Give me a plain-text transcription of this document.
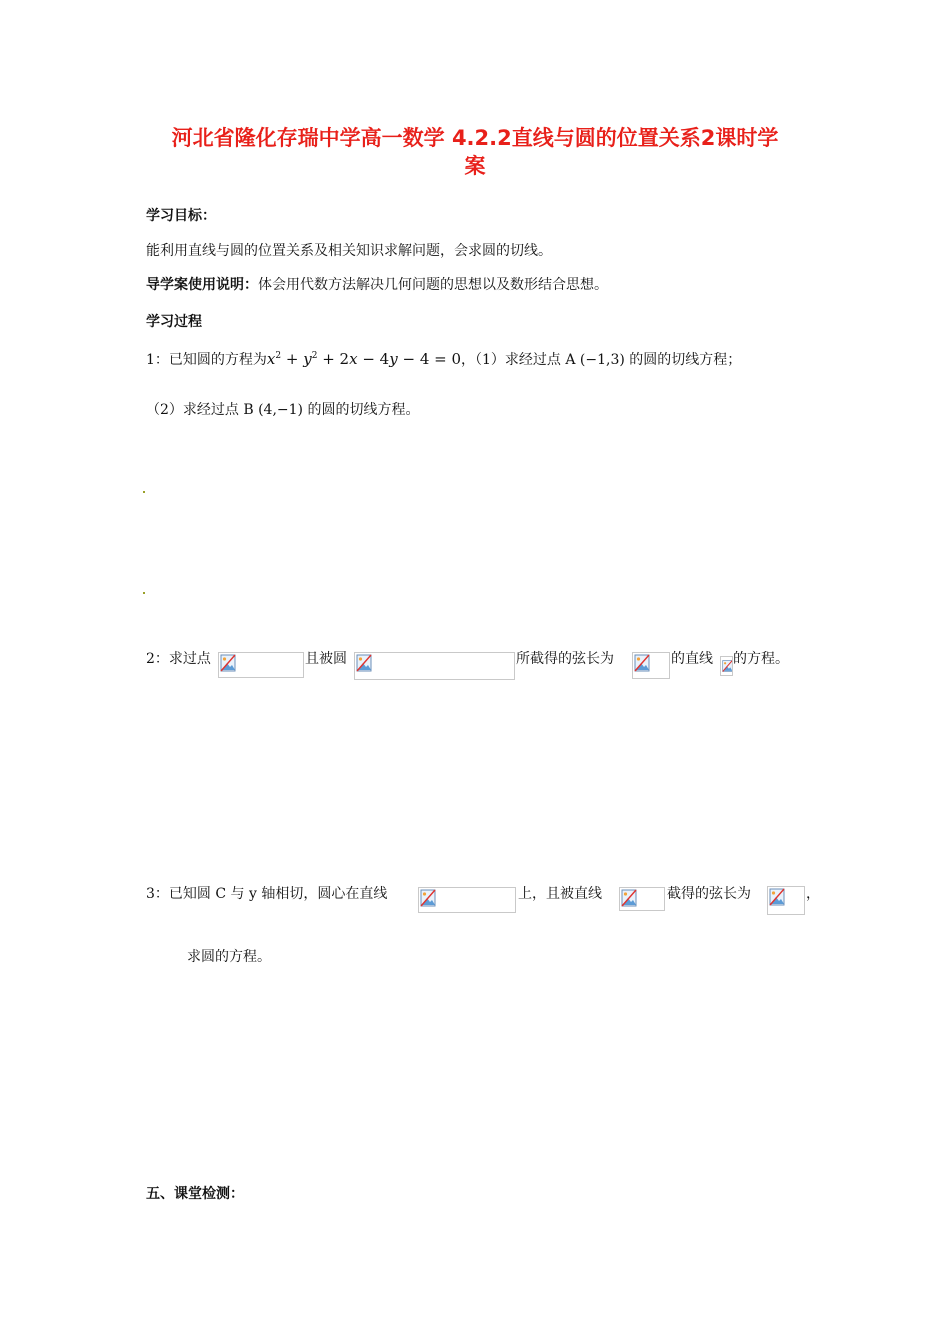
河北省隆化存瑞中学高一数学 4.2.2直线与圆的位置关系2课时学
案
学习目标：
能利用直线与圆的位置关系及相关知识求解问题，会求圆的切线。
导学案使用说明：体会用代数方法解决几何问题的思想以及数形结合思想。
学习过程
1：已知圆的方程为$x^2 + y^2 + 2x - 4y - 4 = 0$，（1）求经过点 A (−1,3) 的圆的切线方程；
（2）求经过点 B (4,−1) 的圆的切线方程。
2：求过点	且被圆	所截得的弦长为	的直线 的方程。
3：已知圆 C 与 y 轴相切，圆心在直线	上，且被直线	截得的弦长为	，
求圆的方程。
五、课堂检测：
